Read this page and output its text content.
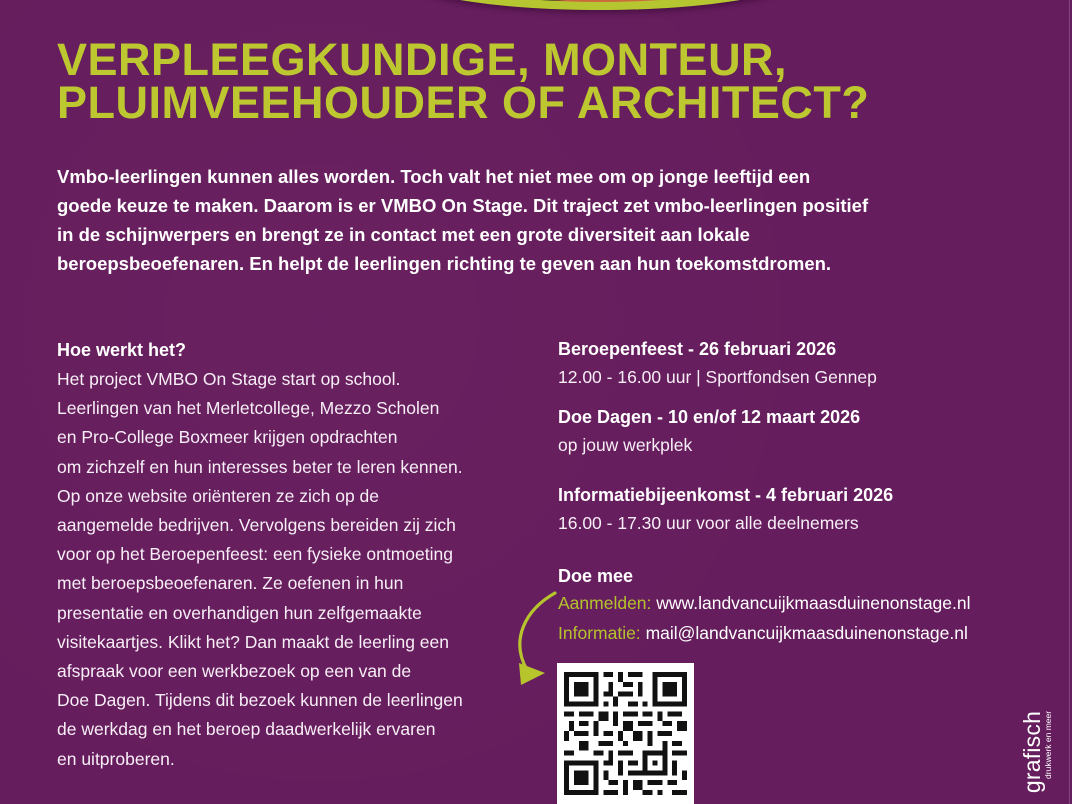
VERPLEEGKUNDIGE, MONTEUR,
PLUIMVEEHOUDER OF ARCHITECT?
Vmbo-leerlingen kunnen alles worden. Toch valt het niet mee om op jonge leeftijd een
goede keuze te maken. Daarom is er VMBO On Stage. Dit traject zet vmbo-leerlingen positief
in de schijnwerpers en brengt ze in contact met een grote diversiteit aan lokale
beroepsbeoefenaren. En helpt de leerlingen richting te geven aan hun toekomstdromen.
Hoe werkt het?
Het project VMBO On Stage start op school.
Leerlingen van het Merletcollege, Mezzo Scholen
en Pro-College Boxmeer krijgen opdrachten
om zichzelf en hun interesses beter te leren kennen.
Op onze website oriënteren ze zich op de
aangemelde bedrijven. Vervolgens bereiden zij zich
voor op het Beroepenfeest: een fysieke ontmoeting
met beroepsbeoefenaren. Ze oefenen in hun
presentatie en overhandigen hun zelfgemaakte
visitekaartjes. Klikt het? Dan maakt de leerling een
afspraak voor een werkbezoek op een van de
Doe Dagen. Tijdens dit bezoek kunnen de leerlingen
de werkdag en het beroep daadwerkelijk ervaren
en uitproberen.
Beroepenfeest - 26 februari 2026
12.00 - 16.00 uur | Sportfondsen Gennep
Doe Dagen - 10 en/of 12 maart 2026
op jouw werkplek
Informatiebijeenkomst - 4 februari 2026
16.00 - 17.30 uur voor alle deelnemers
Doe mee
Aanmelden: www.landvancuijkmaasduinenonstage.nl
Informatie: mail@landvancuijkmaasduinenonstage.nl
grafisch
drukwerk en meer
